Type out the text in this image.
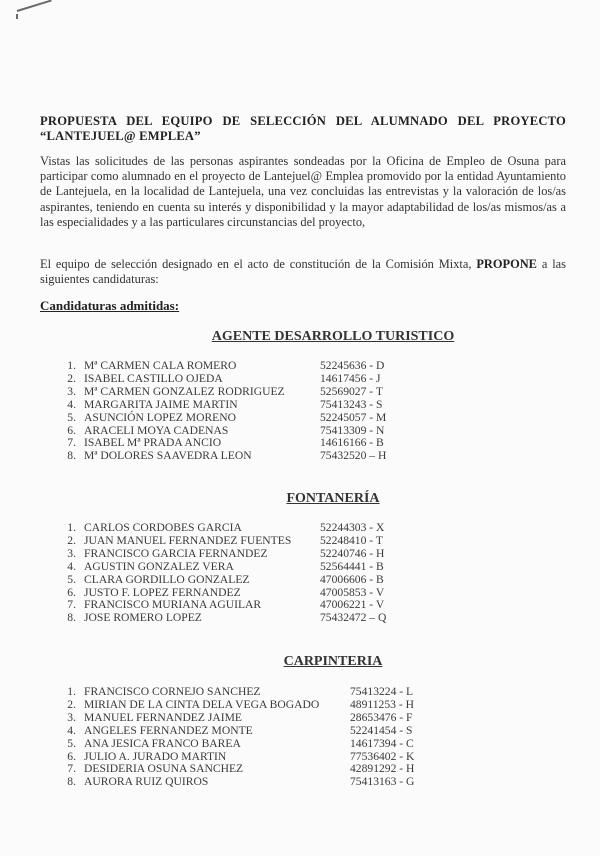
PROPUESTA DEL EQUIPO DE SELECCIÓN DEL ALUMNADO DEL PROYECTO “LANTEJUEL@ EMPLEA”
Vistas las solicitudes de las personas aspirantes sondeadas por la Oficina de Empleo de Osuna para participar como alumnado en el proyecto de Lantejuel@ Emplea promovido por la entidad Ayuntamiento de Lantejuela, en la localidad de Lantejuela, una vez concluidas las entrevistas y la valoración de los/as aspirantes, teniendo en cuenta su interés y disponibilidad y la mayor adaptabilidad de los/as mismos/as a las especialidades y a las particulares circunstancias del proyecto,
El equipo de selección designado en el acto de constitución de la Comisión Mixta, PROPONE a las siguientes candidaturas:
Candidaturas admitidas:
AGENTE DESARROLLO TURISTICO
1. Mª CARMEN CALA ROMERO	52245636 - D
2. ISABEL CASTILLO OJEDA	14617456 - J
3. Mª CARMEN GONZALEZ RODRIGUEZ	52569027 - T
4. MARGARITA JAIME MARTIN	75413243 - S
5. ASUNCIÓN LOPEZ MORENO	52245057 - M
6. ARACELI MOYA CADENAS	75413309 - N
7. ISABEL Mª PRADA ANCIO	14616166 - B
8. Mª DOLORES SAAVEDRA LEON	75432520 – H
FONTANERÍA
1. CARLOS CORDOBES GARCIA	52244303 - X
2. JUAN MANUEL FERNANDEZ FUENTES	52248410 - T
3. FRANCISCO GARCIA FERNANDEZ	52240746 - H
4. AGUSTIN GONZALEZ VERA	52564441 - B
5. CLARA GORDILLO GONZALEZ	47006606 - B
6. JUSTO F. LOPEZ FERNANDEZ	47005853 - V
7. FRANCISCO MURIANA AGUILAR	47006221 - V
8. JOSE ROMERO LOPEZ	75432472 – Q
CARPINTERIA
1. FRANCISCO CORNEJO SANCHEZ	75413224 - L
2. MIRIAN DE LA CINTA DELA VEGA BOGADO	48911253 - H
3. MANUEL FERNANDEZ JAIME	28653476 - F
4. ANGELES FERNANDEZ MONTE	52241454 - S
5. ANA JESICA FRANCO BAREA	14617394 - C
6. JULIO A. JURADO MARTIN	77536402 - K
7. DESIDERIA OSUNA SANCHEZ	42891292 - H
8. AURORA RUIZ QUIROS	75413163 - G
